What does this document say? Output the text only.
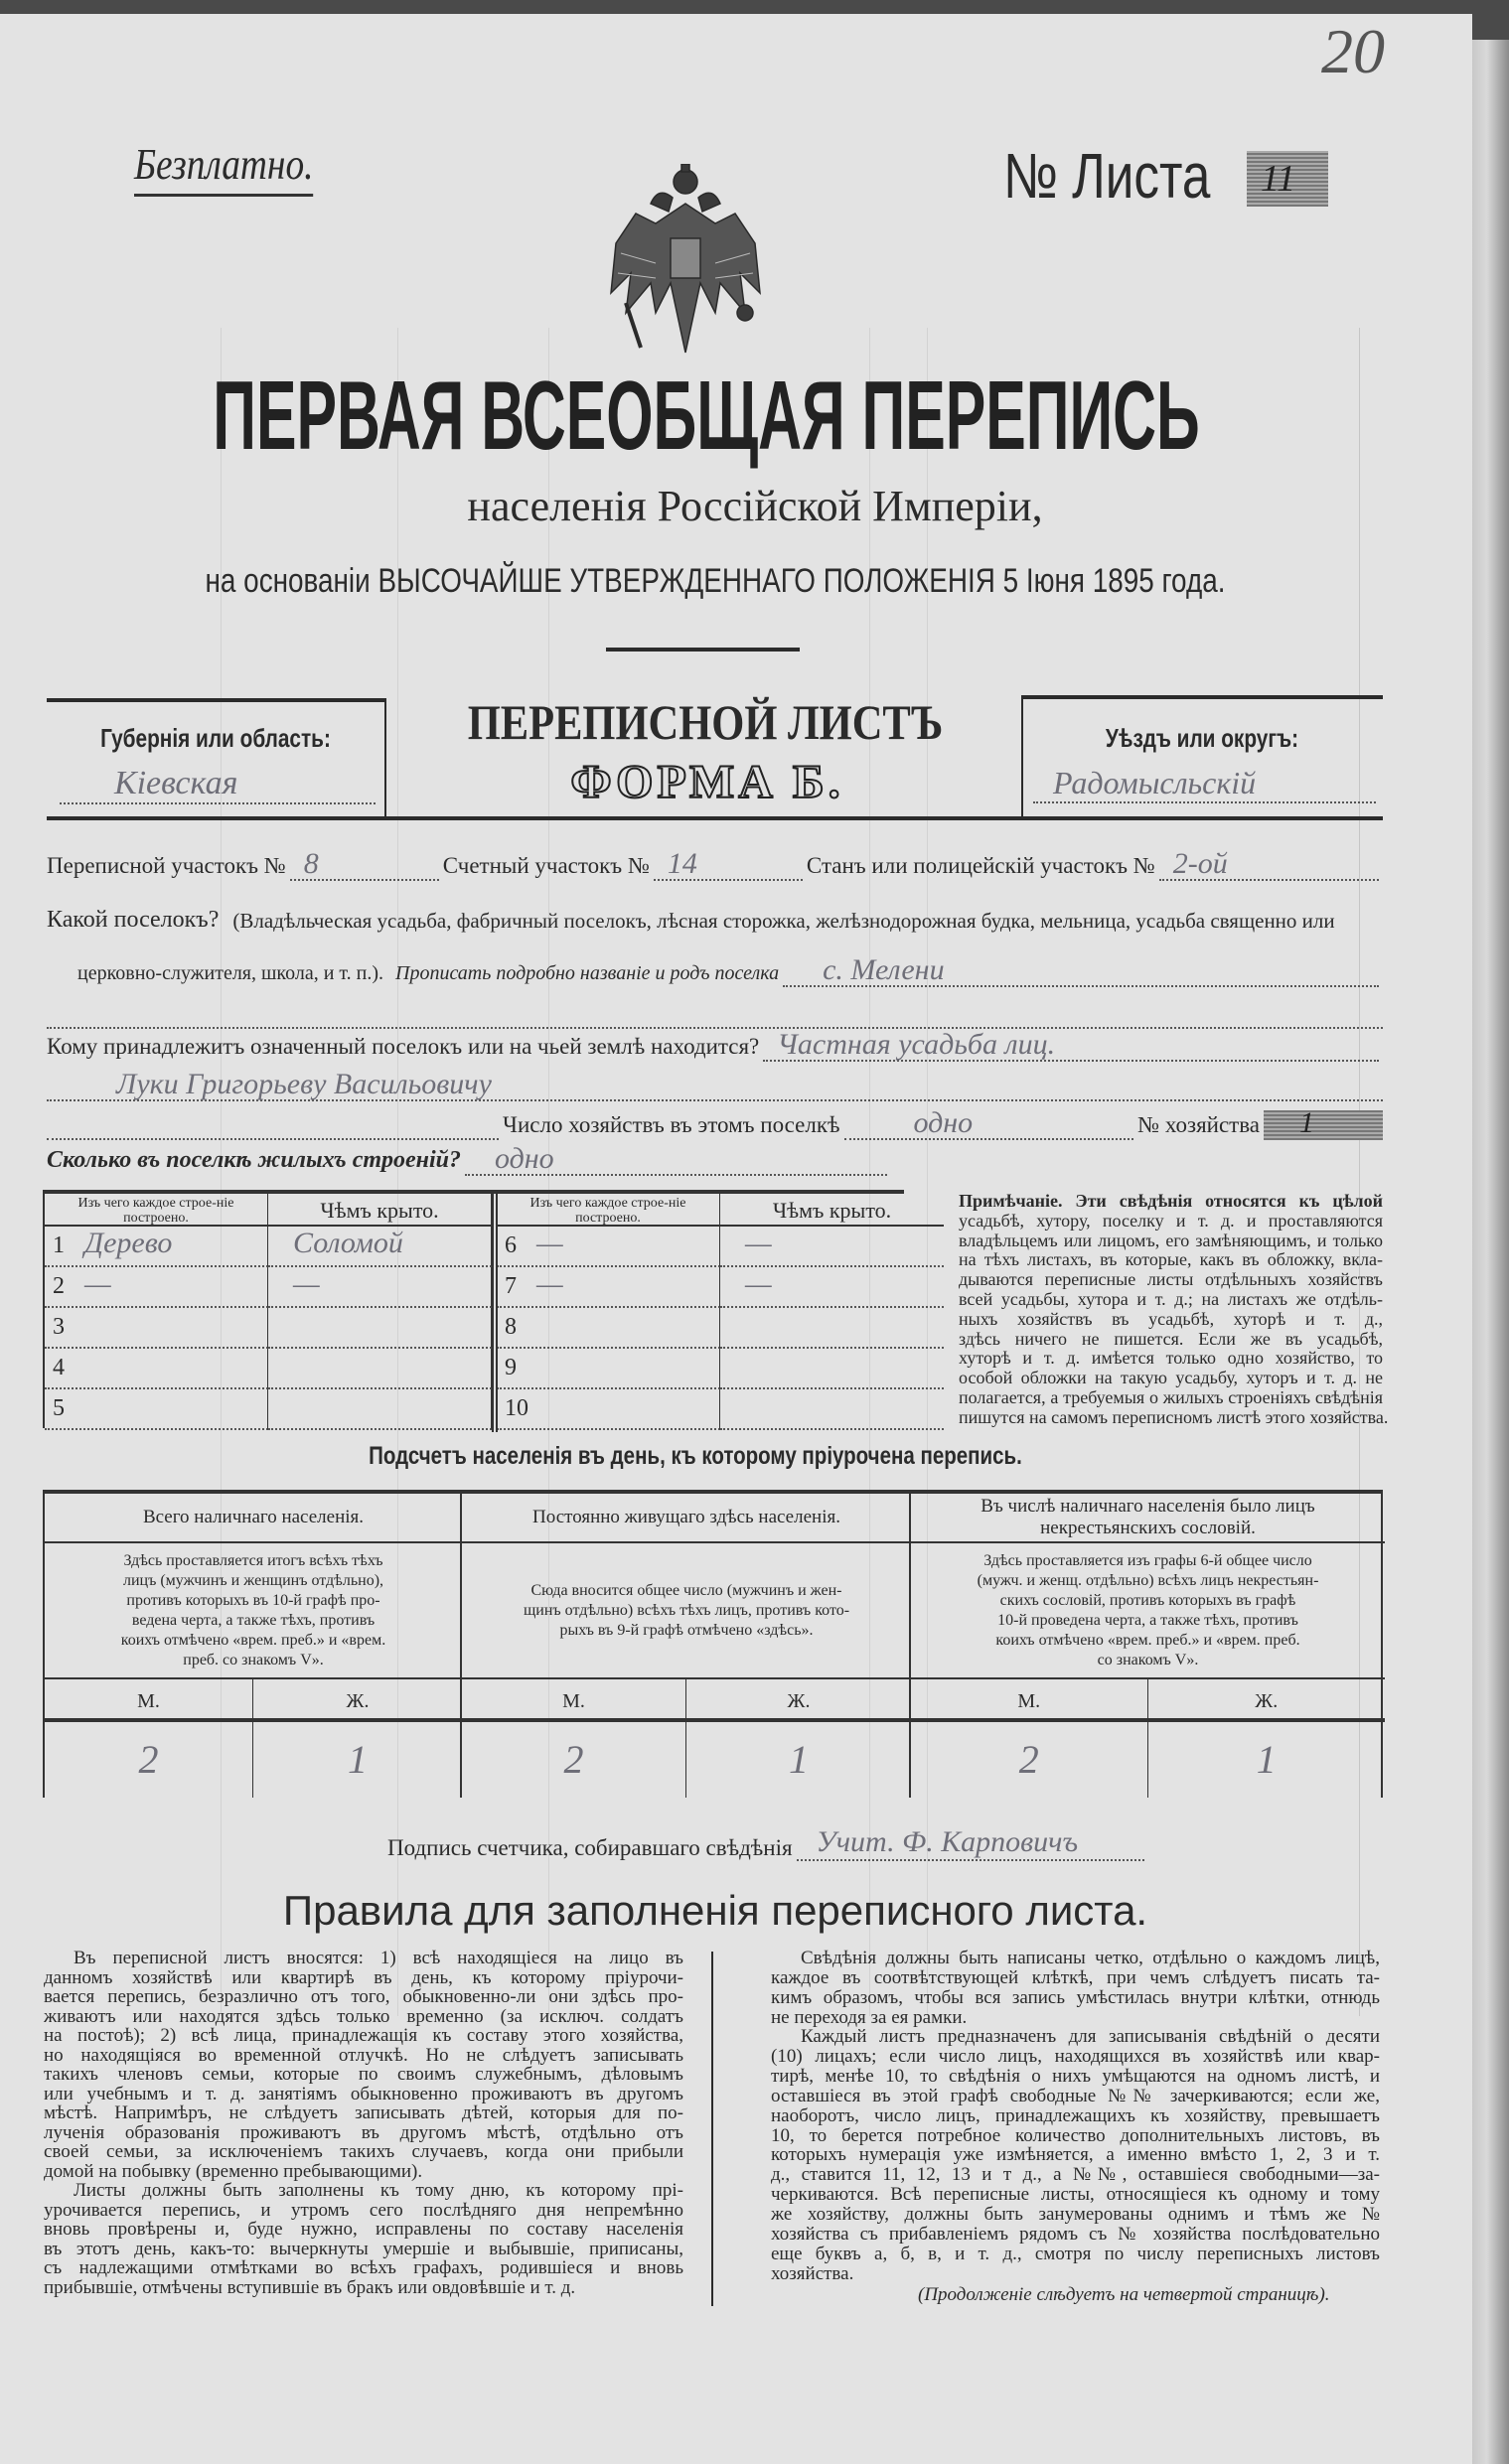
Безплатно.	№ Листа 11
20
ПЕРВАЯ ВСЕОБЩАЯ ПЕРЕПИСЬ
населенія Россійской Имперіи,
на основаніи ВЫСОЧАЙШЕ УТВЕРЖДЕННАГО ПОЛОЖЕНІЯ 5 Іюня 1895 года.
Губернія или область:
Кіевская
ПЕРЕПИСНОЙ ЛИСТЪ
ФОРМА Б.
Уѣздъ или округъ:
Радомысльскій
Переписной участокъ № 8	Счетный участокъ № 14	Станъ или полицейскій участокъ № 2-ой
Какой поселокъ? (Владѣльческая усадьба, фабричный поселокъ, лѣсная сторожка, желѣзнодорожная будка, мельница, усадьба священно или
церковно-служителя, школа, и т. п.). Прописать подробно названіе и родъ поселка с. Мелени
Кому принадлежитъ означенный поселокъ или на чьей землѣ находится? Частная усадьба лиц.
Луки Григорьеву Васильовичу
Число хозяйствъ въ этомъ поселкѣ одно	№ хозяйства 1
Сколько въ поселкѣ жилыхъ строеній? одно
Изъ чего каждое строе-ніе построено.	Чѣмъ крыто.
1 Дерево	Соломой
2 —	—
3
4
5
Изъ чего каждое строе-ніе построено.	Чѣмъ крыто.
6 —	—
7 —	—
8
9
10
Примѣчаніе. Эти свѣдѣнія относятся къ цѣлой
усадьбѣ, хутору, поселку и т. д. и проставляются
владѣльцемъ или лицомъ, его замѣняющимъ, и только
на тѣхъ листахъ, въ которые, какъ въ обложку, вкла-
дываются переписные листы отдѣльныхъ хозяйствъ
всей усадьбы, хутора и т. д.; на листахъ же отдѣль-
ныхъ хозяйствъ въ усадьбѣ, хуторѣ и т. д.,
здѣсь ничего не пишется. Если же въ усадьбѣ,
хуторѣ и т. д. имѣется только одно хозяйство, то
особой обложки на такую усадьбу, хуторъ и т. д. не
полагается, а требуемыя о жилыхъ строеніяхъ свѣдѣнія
пишутся на самомъ переписномъ листѣ этого хозяйства.
Подсчетъ населенія въ день, къ которому пріурочена перепись.
Всего наличнаго населенія.
Здѣсь проставляется итогъ всѣхъ тѣхъ
лицъ (мужчинъ и женщинъ отдѣльно),
противъ которыхъ въ 10-й графѣ про-
ведена черта, а также тѣхъ, противъ
коихъ отмѣчено «врем. преб.» и «врем.
преб. со знакомъ V».
М.	Ж.
2	1
Постоянно живущаго здѣсь населенія.
Сюда вносится общее число (мужчинъ и жен-
щинъ отдѣльно) всѣхъ тѣхъ лицъ, противъ кото-
рыхъ въ 9-й графѣ отмѣчено «здѣсь».
М.	Ж.
2	1
Въ числѣ наличнаго населенія было лицъ некрестьянскихъ сословій.
Здѣсь проставляется изъ графы 6-й общее число
(мужч. и женщ. отдѣльно) всѣхъ лицъ некрестьян-
скихъ сословій, противъ которыхъ въ графѣ
10-й проведена черта, а также тѣхъ, противъ
коихъ отмѣчено «врем. преб.» и «врем. преб.
со знакомъ V».
М.	Ж.
2	1
Подпись счетчика, собиравшаго свѣдѣнія Учит. Ф. Карповичъ
Правила для заполненія переписного листа.
Въ переписной листъ вносятся: 1) всѣ находящіеся на лицо въ
данномъ хозяйствѣ или квартирѣ въ день, къ которому пріурочи-
вается перепись, безразлично отъ того, обыкновенно-ли они здѣсь про-
живаютъ или находятся здѣсь только временно (за исключ. солдатъ
на постоѣ); 2) всѣ лица, принадлежащія къ составу этого хозяйства,
но находящіяся во временной отлучкѣ. Но не слѣдуетъ записывать
такихъ членовъ семьи, которые по своимъ служебнымъ, дѣловымъ
или учебнымъ и т. д. занятіямъ обыкновенно проживаютъ въ другомъ
мѣстѣ. Напримѣръ, не слѣдуетъ записывать дѣтей, которыя для по-
лученія образованія проживаютъ въ другомъ мѣстѣ, отдѣльно отъ
своей семьи, за исключеніемъ такихъ случаевъ, когда они прибыли
домой на побывку (временно пребывающими).
Листы должны быть заполнены къ тому дню, къ которому прі-
урочивается перепись, и утромъ сего послѣдняго дня непремѣнно
вновь провѣрены и, буде нужно, исправлены по составу населенія
въ этотъ день, какъ-то: вычеркнуты умершіе и выбывшіе, приписаны,
съ надлежащими отмѣтками во всѣхъ графахъ, родившіеся и вновь
прибывшіе, отмѣчены вступившіе въ бракъ или овдовѣвшіе и т. д.
Свѣдѣнія должны быть написаны четко, отдѣльно о каждомъ лицѣ,
каждое въ соотвѣтствующей клѣткѣ, при чемъ слѣдуетъ писать та-
кимъ образомъ, чтобы вся запись умѣстилась внутри клѣтки, отнюдь
не переходя за ея рамки.
Каждый листъ предназначенъ для записыванія свѣдѣній о десяти
(10) лицахъ; если число лицъ, находящихся въ хозяйствѣ или квар-
тирѣ, менѣе 10, то свѣдѣнія о нихъ умѣщаются на одномъ листѣ, и
оставшіеся въ этой графѣ свободные №№ зачеркиваются; если же,
наоборотъ, число лицъ, принадлежащихъ къ хозяйству, превышаетъ
10, то берется потребное количество дополнительныхъ листовъ, въ
которыхъ нумерація уже измѣняется, а именно вмѣсто 1, 2, 3 и т.
д., ставится 11, 12, 13 и т д., а №№, оставшіеся свободными—за-
черкиваются. Всѣ переписные листы, относящіеся къ одному и тому
же хозяйству, должны быть занумерованы однимъ и тѣмъ же №
хозяйства съ прибавленіемъ рядомъ съ № хозяйства послѣдовательно
еще буквъ а, б, в, и т. д., смотря по числу переписныхъ листовъ
хозяйства.
(Продолженіе слѣдуетъ на четвертой страницѣ).
